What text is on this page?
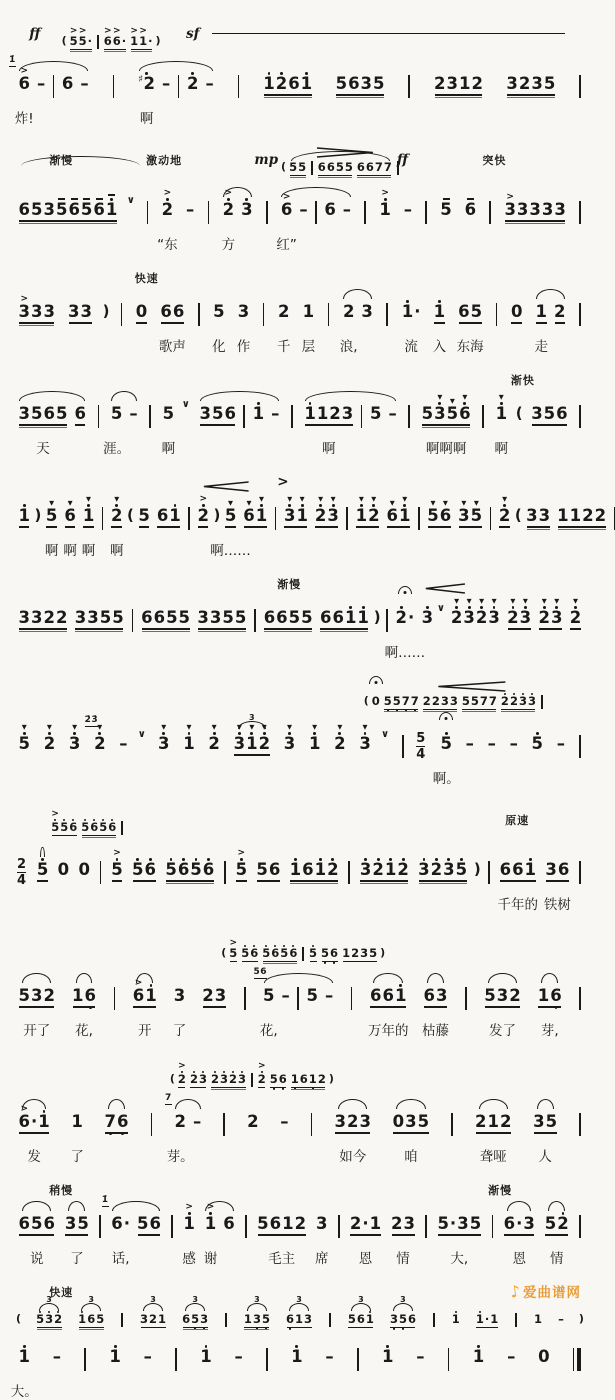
ff (
>
5
>
5 ·
>
6
>
6 ·
>
1
>
1 · ) sf
1̇
>
6
炸!
– 6 –	♯ 2
啊
– 2 –	1 2 6 1 5 6 3 5	2 3 1 2 3 2 3 5
渐慢	激动地	mp ( 5 5 6 6 5 5 6 6 7 7 ff	突快
6 5 3 5 6 5 6 1 ∨
>
2
“东
–
>
2
方
3
>
6
红”
– 6 –
>
1 – 5 6
>
3 3 3 3 3
快速
>
3 3 3 3 3 ) 0 6 6
歌声
5
化
3
作
2
千
1
层
2
浪,
3 1 ·
流
1
入
6 5
东海
0 1
走
2
渐快
3 5 6 5
天
6 5
涯。
– 5
啊
∨ 3 5 6 1 – 1 1 2 3
啊
5 – 5
▼
3
▼
5
▼
6
啊啊啊
▼
1
啊
( 3 5 6
>
1 )
▼
5
啊
▼
6
啊
▼
1
啊
▼
2
啊
( 5 6 1
>
2 )
▼
5
啊……
▼
6
▼
1
▼
3
▼
1
▼
2
▼
3
▼
1
▼
2
▼
6
▼
1
▼
5
▼
6
▼
3
▼
5
▼
2 ( 3 3 1 1 2 2
渐慢
3 3 2 2 3 3 5 5 6 6 5 5 3 3 5 5 6 6 5 5 6 6 1 1 ) 2 ·
啊……
3 ∨
▼
2
▼
3
▼
2
▼
3
▼
2
▼
3
▼
2
▼
3
▼
2
( 0 5 5 7 7 2 2 3 3 5 5 7 7 2 2 3 3
▼
5
▼
2
▼
3
2̇3̇
▼
2 – ∨
▼
3
▼
1
▼
2
3
▼
3
▼
1
▼
2
▼
3
▼
1
▼
2
▼
3 ∨ $\frac{5}{4} 5$
啊。
– – – 5 –
>
5 5 6 5 6 5 6	原速
$\frac{2}{4} 5$ 0 0
>
5 5 6 5 6 5 6
>
5 5 6 1 6 1 2 3 2 1 2 3 2 3 5 ) 6 6 1
千年的
3 6
铁树
(
>
5 5 6 5 6 5 6 5 5 6 1 2 3 5 )
5 3 2
开了
1 6
花,
>
6 1
开
3
了
2 3
56
5
花,
– 5 – 6 6 1
万年的
6 3
枯藤
5 3 2
发了
1 6
芽,
(
>
2 2 3 2 3 2 3
>
2 5 6 1 6 1 2 )
>
6 · 1
发
1
了
7 6
7
2
芽。
–	2 –	3 2 3
如今
0 3 5
咱
2 1 2
聋哑
3 5
人
稍慢	渐慢
6 5 6
说
3 5
了
1̇
6 ·
话,
5 6
>
1
感
>
1
谢
6 5 6 1 2
毛主
3
席
2 · 1
恩
2 3
情
5 · 3 5
大,
6 · 3
恩
5 2
情
快速
(
3
5 3 2
3
1 6 5
3
3 2 1
3
6 5 3
3
1 3 5
3
6 1 3
3
5 6 1
3
3 5 6	1 1 · 1	1 – )
1
大。
–	1 –	1 –	1 –	1 –	1 – 0
♪ 爱曲谱网
